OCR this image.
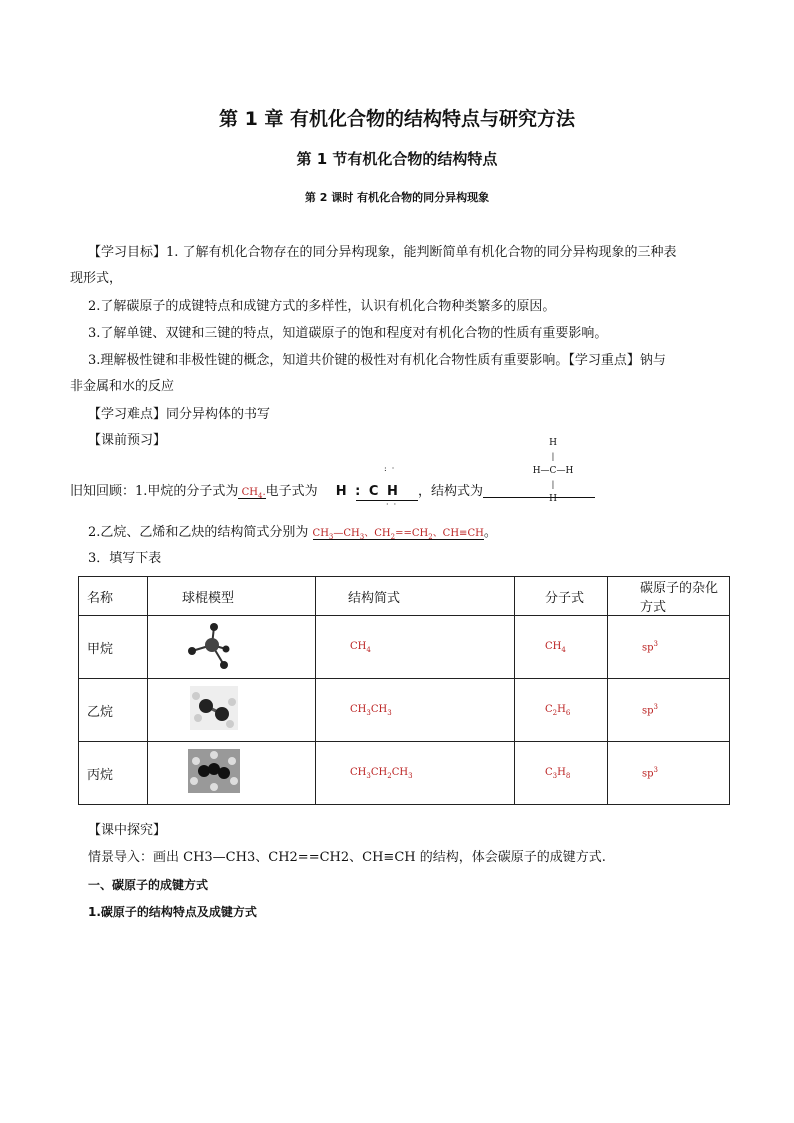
第 1 章 有机化合物的结构特点与研究方法
第 1 节有机化合物的结构特点
第 2 课时 有机化合物的同分异构现象
【学习目标】1. 了解有机化合物存在的同分异构现象，能判断简单有机化合物的同分异构现象的三种表
现形式，
2.了解碳原子的成键特点和成键方式的多样性，认识有机化合物种类繁多的原因。
3.了解单键、双键和三键的特点，知道碳原子的饱和程度对有机化合物的性质有重要影响。
3.理解极性键和非极性键的概念，知道共价键的极性对有机化合物性质有重要影响。【学习重点】钠与
非金属和水的反应
【学习难点】同分异构体的书写
【课前预习】	H
|
H—C—H
|
H
:  ·
·  ·
旧知回顾：1.甲烷的分子式为 $CH_4$.电子式为 H : C H ，结构式为
2.乙烷、乙烯和乙炔的结构简式分别为 $CH_3—CH_3$、$CH_2==CH_2$、CH≡CH。
3．填写下表
名称	球棍模型	结构简式	分子式	碳原子的杂化方式
甲烷		$CH_4$	$CH_4$	$sp^3$
乙烷		$CH_3CH_3$	$C_2H_6$	$sp^3$
丙烷		$CH_3CH_2CH_3$	$C_3H_8$	$sp^3$
【课中探究】
情景导入：画出 CH3—CH3、CH2==CH2、CH≡CH 的结构，体会碳原子的成键方式.
一、碳原子的成键方式
1.碳原子的结构特点及成键方式
